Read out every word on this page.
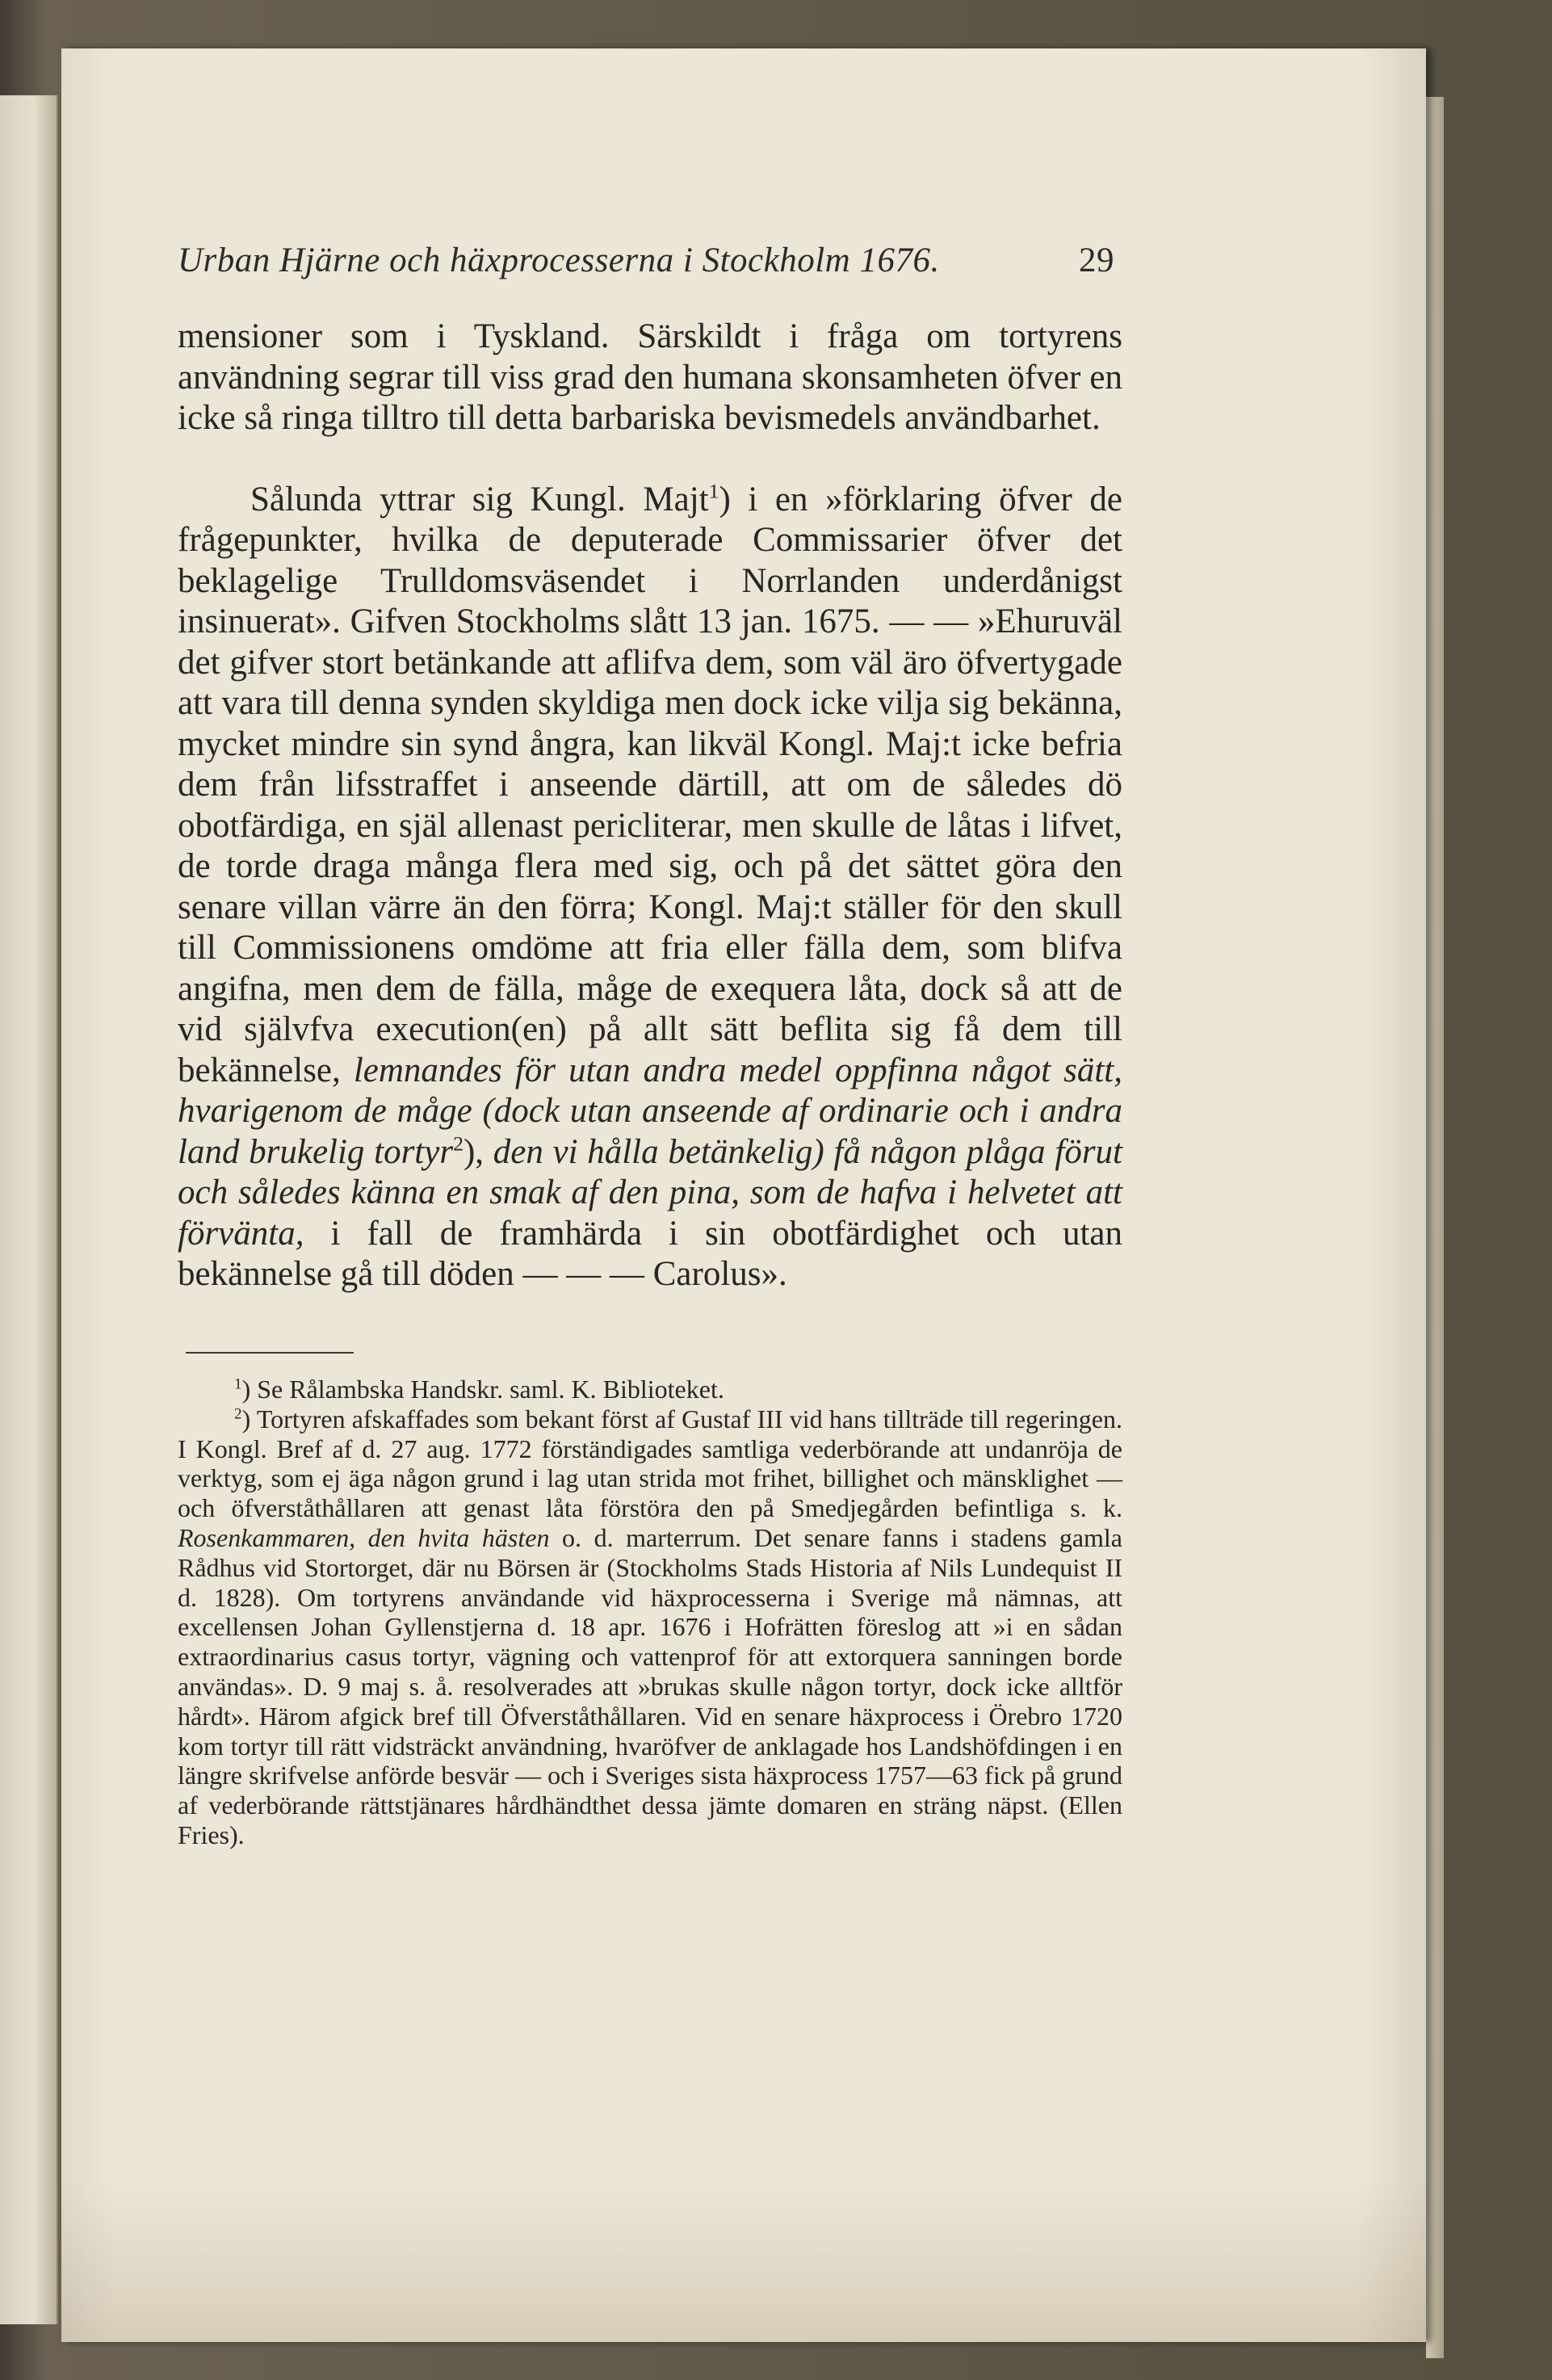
Urban Hjärne och häxprocesserna i Stockholm 1676.	29

mensioner som i Tyskland. Särskildt i fråga om tortyrens användning segrar till viss grad den humana skonsamheten öfver en icke så ringa tilltro till detta barbariska bevismedels användbarhet.

Sålunda yttrar sig Kungl. Majt$^1$) i en »förklaring öfver de frågepunkter, hvilka de deputerade Commissarier öfver det beklagelige Trulldomsväsendet i Norrlanden underdånigst insinuerat». Gifven Stockholms slått 13 jan. 1675. — — »Ehuruväl det gifver stort betänkande att aflifva dem, som väl äro öfvertygade att vara till denna synden skyldiga men dock icke vilja sig bekänna, mycket mindre sin synd ångra, kan likväl Kongl. Maj:t icke befria dem från lifsstraffet i anseende därtill, att om de således dö obotfärdiga, en själ allenast pericliterar, men skulle de låtas i lifvet, de torde draga många flera med sig, och på det sättet göra den senare villan värre än den förra; Kongl. Maj:t ställer för den skull till Commissionens omdöme att fria eller fälla dem, som blifva angifna, men dem de fälla, måge de exequera låta, dock så att de vid självfva execution(en) på allt sätt beflita sig få dem till bekännelse, lemnandes för utan andra medel oppfinna något sätt, hvarigenom de måge (dock utan anseende af ordinarie och i andra land brukelig tortyr$^2$), den vi hålla betänkelig) få någon plåga förut och således känna en smak af den pina, som de hafva i helvetet att förvänta, i fall de framhärda i sin obotfärdighet och utan bekännelse gå till döden — — — Carolus».

$^1$) Se Rålambska Handskr. saml. K. Biblioteket.

$^2$) Tortyren afskaffades som bekant först af Gustaf III vid hans tillträde till regeringen. I Kongl. Bref af d. 27 aug. 1772 förständigades samtliga vederbörande att undanröja de verktyg, som ej äga någon grund i lag utan strida mot frihet, billighet och mänsklighet — och öfverståthållaren att genast låta förstöra den på Smedjegården befintliga s. k. Rosenkammaren, den hvita hästen o. d. marterrum. Det senare fanns i stadens gamla Rådhus vid Stortorget, där nu Börsen är (Stockholms Stads Historia af Nils Lundequist II d. 1828). Om tortyrens användande vid häxprocesserna i Sverige må nämnas, att excellensen Johan Gyllenstjerna d. 18 apr. 1676 i Hofrätten föreslog att »i en sådan extraordinarius casus tortyr, vägning och vattenprof för att extorquera sanningen borde användas». D. 9 maj s. å. resolverades att »brukas skulle någon tortyr, dock icke alltför hårdt». Härom afgick bref till Öfverståthållaren. Vid en senare häxprocess i Örebro 1720 kom tortyr till rätt vidsträckt användning, hvaröfver de anklagade hos Landshöfdingen i en längre skrifvelse anförde besvär — och i Sveriges sista häxprocess 1757—63 fick på grund af vederbörande rättstjänares hårdhändthet dessa jämte domaren en sträng näpst. (Ellen Fries).
